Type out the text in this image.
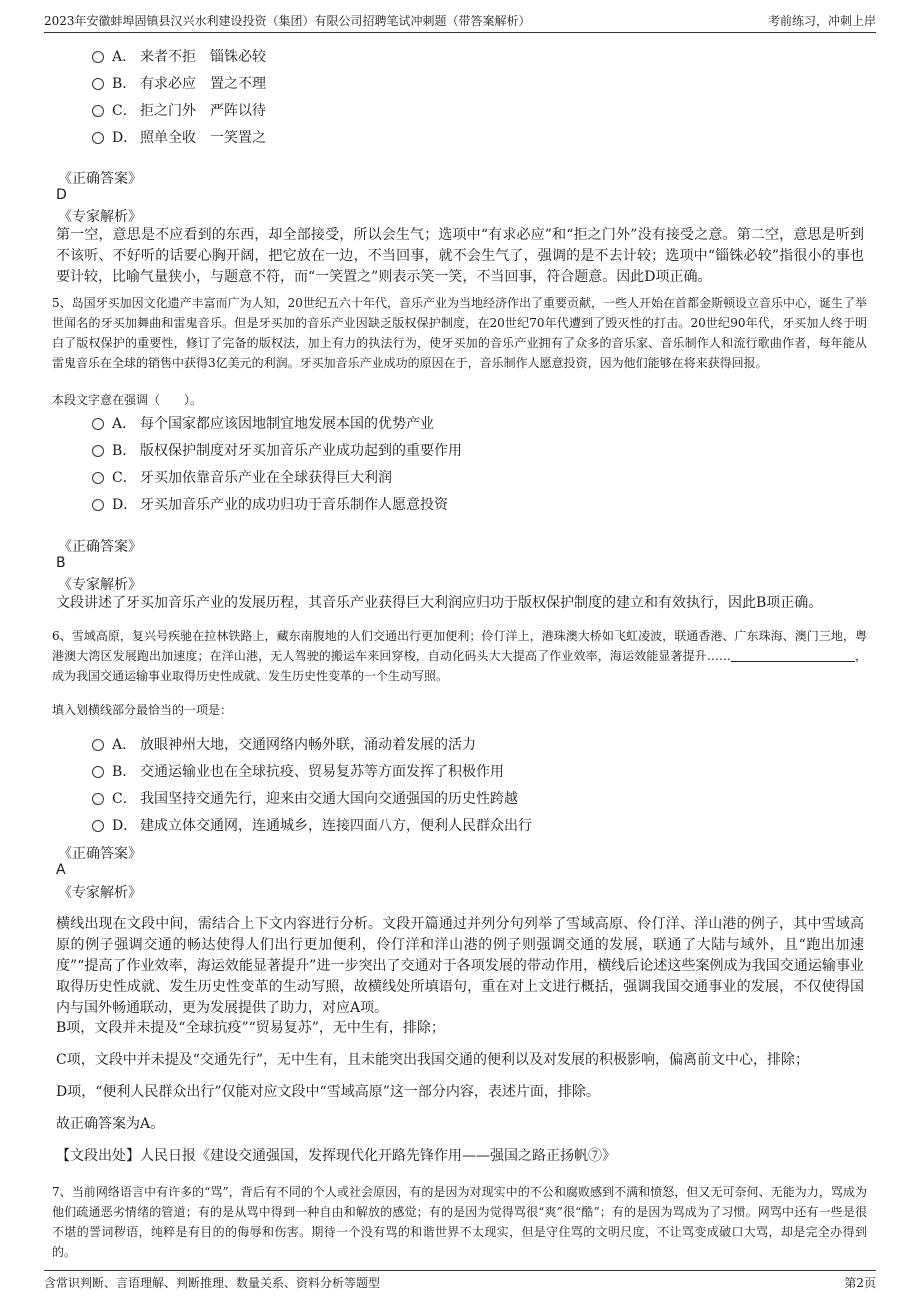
2023年安徽蚌埠固镇县汉兴水利建设投资（集团）有限公司招聘笔试冲刺题（带答案解析）	考前练习，冲刺上岸
A． 来者不拒　锱铢必较
B． 有求必应　置之不理
C． 拒之门外　严阵以待
D． 照单全收　一笑置之
《正确答案》
D
《专家解析》

第一空，意思是不应看到的东西，却全部接受，所以会生气；选项中“有求必应”和“拒之门外”没有接受之意。第二空，意思是听到不该听、不好听的话要心胸开阔，把它放在一边，不当回事，就不会生气了，强调的是不去计较；选项中“锱铢必较”指很小的事也要计较，比喻气量狭小，与题意不符，而“一笑置之”则表示笑一笑，不当回事，符合题意。因此D项正确。

5、岛国牙买加因文化遗产丰富而广为人知，20世纪五六十年代，音乐产业为当地经济作出了重要贡献，一些人开始在首都金斯顿设立音乐中心，诞生了举世闻名的牙买加舞曲和雷鬼音乐。但是牙买加的音乐产业因缺乏版权保护制度，在20世纪70年代遭到了毁灭性的打击。20世纪90年代，牙买加人终于明白了版权保护的重要性，修订了完备的版权法，加上有力的执法行为，使牙买加的音乐产业拥有了众多的音乐家、音乐制作人和流行歌曲作者，每年能从雷鬼音乐在全球的销售中获得3亿美元的利润。牙买加音乐产业成功的原因在于，音乐制作人愿意投资，因为他们能够在将来获得回报。

本段文字意在强调（　　）。
A． 每个国家都应该因地制宜地发展本国的优势产业
B． 版权保护制度对牙买加音乐产业成功起到的重要作用
C． 牙买加依靠音乐产业在全球获得巨大利润
D． 牙买加音乐产业的成功归功于音乐制作人愿意投资
《正确答案》
B
《专家解析》

文段讲述了牙买加音乐产业的发展历程，其音乐产业获得巨大利润应归功于版权保护制度的建立和有效执行，因此B项正确。

6、雪域高原，复兴号疾驰在拉林铁路上，藏东南腹地的人们交通出行更加便利；伶仃洋上，港珠澳大桥如飞虹凌波，联通香港、广东珠海、澳门三地，粤港澳大湾区发展跑出加速度；在洋山港，无人驾驶的搬运车来回穿梭，自动化码头大大提高了作业效率，海运效能显著提升……	，成为我国交通运输事业取得历史性成就、发生历史性变革的一个生动写照。

填入划横线部分最恰当的一项是：
A． 放眼神州大地，交通网络内畅外联，涌动着发展的活力
B． 交通运输业也在全球抗疫、贸易复苏等方面发挥了积极作用
C． 我国坚持交通先行，迎来由交通大国向交通强国的历史性跨越
D． 建成立体交通网，连通城乡，连接四面八方，便利人民群众出行
《正确答案》
A
《专家解析》

横线出现在文段中间，需结合上下文内容进行分析。文段开篇通过并列分句列举了雪域高原、伶仃洋、洋山港的例子，其中雪域高原的例子强调交通的畅达使得人们出行更加便利，伶仃洋和洋山港的例子则强调交通的发展，联通了大陆与域外，且“跑出加速度”“提高了作业效率，海运效能显著提升”进一步突出了交通对于各项发展的带动作用，横线后论述这些案例成为我国交通运输事业取得历史性成就、发生历史性变革的生动写照，故横线处所填语句，重在对上文进行概括，强调我国交通事业的发展，不仅使得国内与国外畅通联动，更为发展提供了助力，对应A项。

B项，文段并未提及“全球抗疫”“贸易复苏”，无中生有，排除；

C项，文段中并未提及“交通先行”，无中生有，且未能突出我国交通的便利以及对发展的积极影响，偏离前文中心，排除；

D项，“便利人民群众出行”仅能对应文段中“雪域高原”这一部分内容，表述片面，排除。

故正确答案为A。

【文段出处】人民日报《建设交通强国，发挥现代化开路先锋作用——强国之路正扬帆⑦》

7、当前网络语言中有许多的“骂”，背后有不同的个人或社会原因，有的是因为对现实中的不公和腐败感到不满和愤怒，但又无可奈何、无能为力，骂成为他们疏通恶劣情绪的管道；有的是从骂中得到一种自由和解放的感觉；有的是因为觉得骂很“爽”很“酷”；有的是因为骂成为了习惯。网骂中还有一些是很不堪的詈词秽语，纯粹是有目的的侮辱和伤害。期待一个没有骂的和谐世界不太现实，但是守住骂的文明尺度，不让骂变成破口大骂，却是完全办得到的。

含常识判断、言语理解、判断推理、数量关系、资料分析等题型	第2页
